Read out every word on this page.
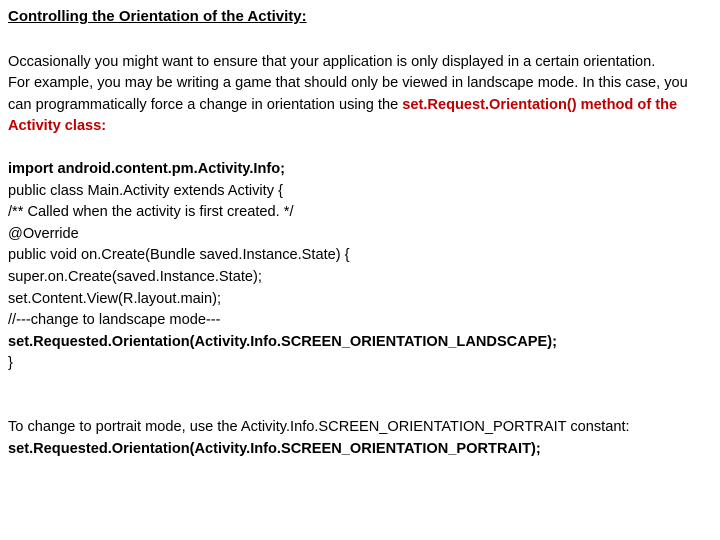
Controlling the Orientation of the Activity:

Occasionally you might want to ensure that your application is only displayed in a certain orientation.

For example, you may be writing a game that should only be viewed in landscape mode. In this case, you can programmatically force a change in orientation using the set.Request.Orientation() method of the Activity class:

import android.content.pm.Activity.Info;
public class Main.Activity extends Activity {
/** Called when the activity is first created. */
@Override
public void on.Create(Bundle saved.Instance.State) {
super.on.Create(saved.Instance.State);
set.Content.View(R.layout.main);
//---change to landscape mode---
set.Requested.Orientation(Activity.Info.SCREEN_ORIENTATION_LANDSCAPE);
}
To change to portrait mode, use the Activity.Info.SCREEN_ORIENTATION_PORTRAIT constant:
set.Requested.Orientation(Activity.Info.SCREEN_ORIENTATION_PORTRAIT);
